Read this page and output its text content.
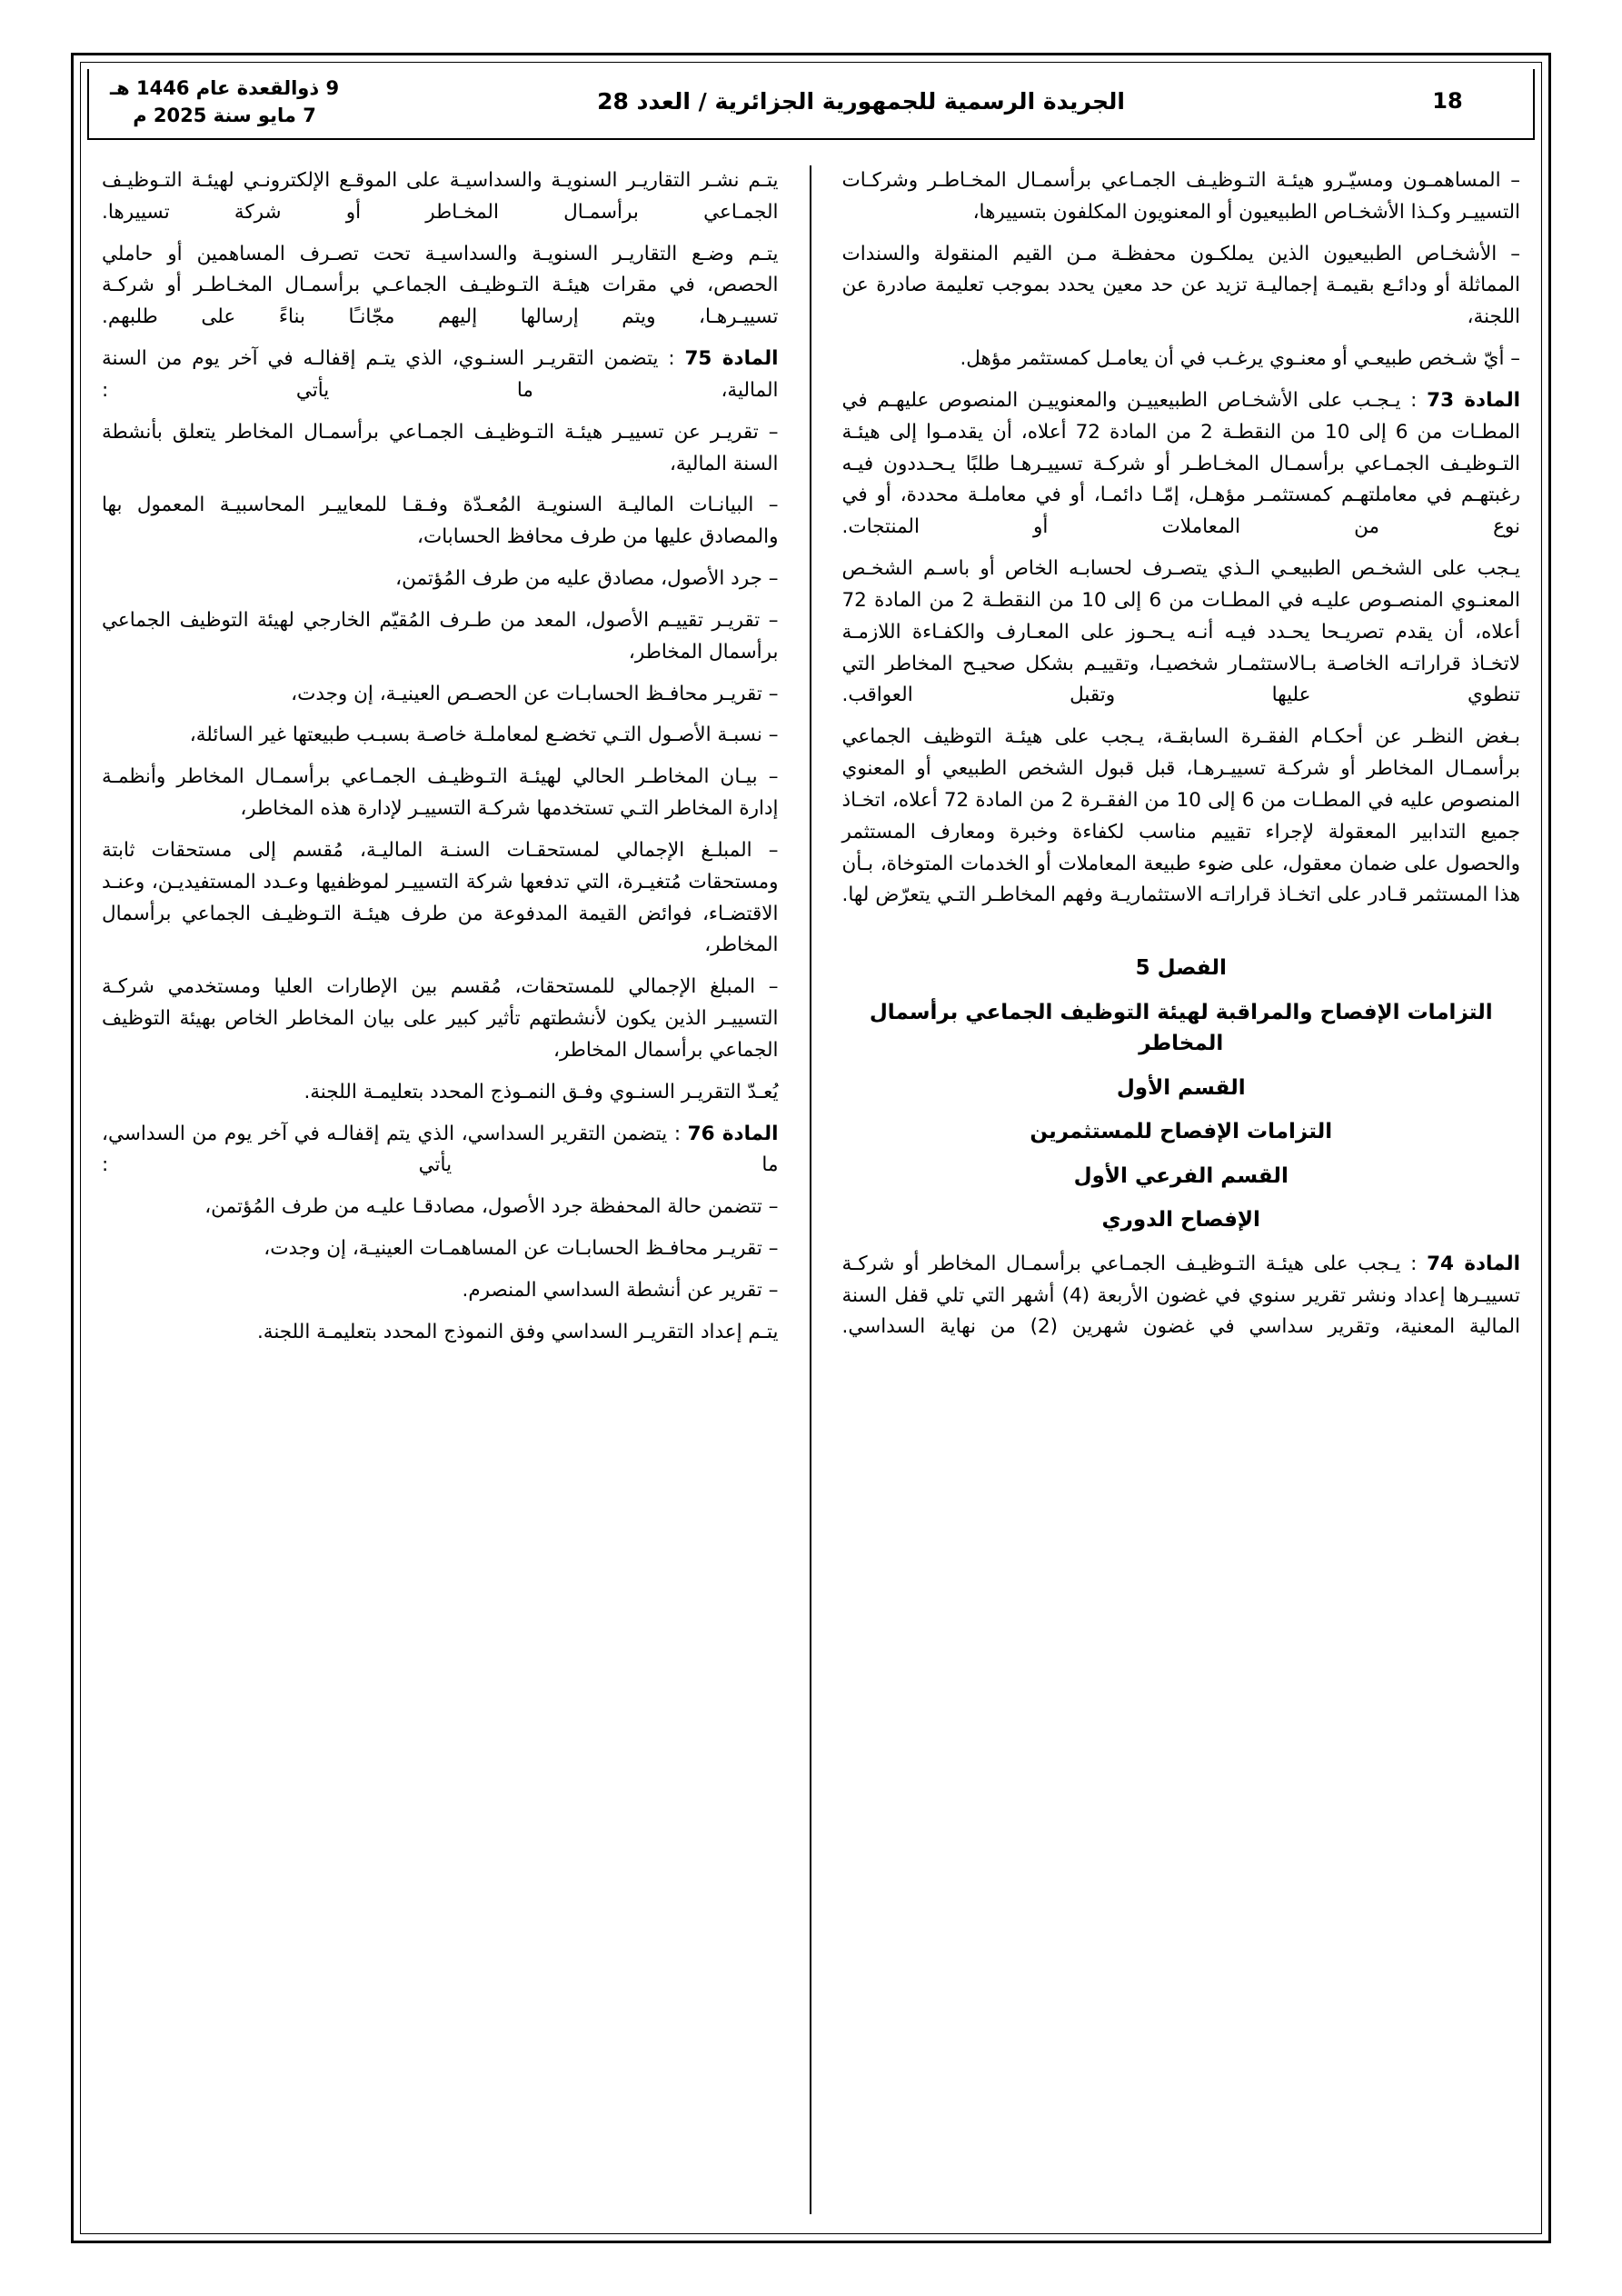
18
الجريدة الرسمية للجمهورية الجزائرية / العدد 28
9 ذوالقعدة عام 1446 هـ
7 مايو سنة 2025 م

– المساهمـون ومسيّـرو هيئـة التـوظيـف الجمـاعي برأسمـال المخـاطـر وشركـات التسييـر وكـذا الأشخـاص الطبيعيون أو المعنويون المكلفون بتسييرها،

– الأشخـاص الطبيعيون الذين يملكـون محفظـة مـن القيم المنقولة والسندات المماثلة أو ودائـع بقيمـة إجماليـة تزيد عن حد معين يحدد بموجب تعليمة صادرة عن اللجنة،

– أيّ شـخص طبيعـي أو معنـوي يرغـب في أن يعامـل كمستثمر مؤهل.

المادة 73 : يـجـب على الأشخـاص الطبيعييـن والمعنوييـن المنصوص عليهـم في المطـات من 6 إلى 10 من النقطـة 2 من المادة 72 أعلاه، أن يقدمـوا إلى هيئـة التـوظيـف الجمـاعي برأسمـال المخـاطـر أو شركـة تسييـرهـا طلبًا يـحـددون فيـه رغبتهـم في معاملتهـم كمستثمـر مؤهـل، إمّـا دائمـا، أو في معاملـة محددة، أو في نوع من المعاملات أو المنتجات.

يـجب على الشخـص الطبيعـي الـذي يتصـرف لحسابـه الخاص أو باسـم الشخـص المعنـوي المنصـوص عليـه في المطـات من 6 إلى 10 من النقطـة 2 من المادة 72 أعلاه، أن يقدم تصريـحا يحـدد فيـه أنـه يـحـوز على المعـارف والكفـاءة اللازمـة لاتخـاذ قراراتـه الخاصـة بـالاستثمـار شخصيـا، وتقييـم بشكل صحيـح المخاطر التي تنطوي عليها وتقبل العواقب.

بـغض النظـر عن أحكـام الفقـرة السابقـة، يـجب على هيئـة التوظيف الجماعي برأسمـال المخاطر أو شركـة تسييـرهـا، قبل قبول الشخص الطبيعي أو المعنوي المنصوص عليه في المطـات من 6 إلى 10 من الفقـرة 2 من المادة 72 أعلاه، اتخـاذ جميع التدابير المعقولة لإجراء تقييم مناسب لكفاءة وخبرة ومعارف المستثمر والحصول على ضمان معقول، على ضوء طبيعة المعاملات أو الخدمات المتوخاة، بـأن هذا المستثمر قـادر على اتخـاذ قراراتـه الاستثماريـة وفهم المخاطـر التـي يتعرّض لها.

الفصل 5

التزامات الإفصاح والمراقبة لهيئة التوظيف الجماعي برأسمال المخاطر

القسم الأول

التزامات الإفصاح للمستثمرين

القسم الفرعي الأول

الإفصاح الدوري

المادة 74 : يـجب على هيئـة التـوظيـف الجمـاعي برأسمـال المخاطر أو شركـة تسييـرها إعداد ونشر تقرير سنوي في غضون الأربعة (4) أشهر التي تلي قفل السنة المالية المعنية، وتقرير سداسي في غضون شهرين (2) من نهاية السداسي.

يتـم نشـر التقاريـر السنويـة والسداسيـة على الموقـع الإلكترونـي لهيئـة التـوظيـف الجمـاعي برأسمـال المخـاطر أو شركة تسييرها.

يتـم وضـع التقاريـر السنويـة والسداسيـة تحت تصـرف المساهمين أو حاملي الحصص، في مقرات هيئـة التـوظيـف الجماعـي برأسمـال المخـاطـر أو شركـة تسييـرهـا، ويتم إرسالها إليهم مجّانـًا بناءً على طلبهم.

المادة 75 : يتضمن التقريـر السنـوي، الذي يتـم إقفالـه في آخر يوم من السنة المالية، ما يأتي :

– تقريـر عن تسييـر هيئـة التـوظيـف الجمـاعي برأسمـال المخاطر يتعلق بأنشطة السنة المالية،

– البيانـات الماليـة السنويـة المُعـدّة وفـقـا للمعاييـر المحاسبيـة المعمول بها والمصادق عليها من طرف محافظ الحسابات،

– جرد الأصول، مصادق عليه من طرف المُؤتمن،

– تقريـر تقييـم الأصول، المعد من طـرف المُقيّم الخارجي لهيئة التوظيف الجماعي برأسمال المخاطر،

– تقريـر محافـظ الحسابـات عن الحصـص العينيـة، إن وجدت،

– نسبـة الأصـول التـي تخضـع لمعاملـة خاصـة بسبـب طبيعتها غير السائلة،

– بيـان المخاطـر الحالي لهيئـة التـوظيـف الجمـاعي برأسمـال المخاطر وأنظمـة إدارة المخاطر التـي تستخدمها شركـة التسييـر لإدارة هذه المخاطر،

– المبلـغ الإجمالي لمستحقـات السنـة الماليـة، مُقسم إلى مستحقات ثابتة ومستحقات مُتغيـرة، التي تدفعها شركة التسييـر لموظفيها وعـدد المستفيديـن، وعنـد الاقتضـاء، فوائض القيمة المدفوعة من طرف هيئـة التـوظيـف الجماعي برأسمال المخاطر،

– المبلغ الإجمالي للمستحقات، مُقسم بين الإطارات العليا ومستخدمي شركـة التسييـر الذين يكون لأنشطتهم تأثير كبير على بيان المخاطر الخاص بهيئة التوظيف الجماعي برأسمال المخاطر،

يُعـدّ التقريـر السنـوي وفـق النمـوذج المحدد بتعليمـة اللجنة.

المادة 76 : يتضمن التقرير السداسي، الذي يتم إقفالـه في آخر يوم من السداسي، ما يأتي :

– تتضمن حالة المحفظة جرد الأصول، مصادقـا عليـه من طرف المُؤتمن،

– تقريـر محافـظ الحسابـات عن المساهمـات العينيـة، إن وجدت،

– تقرير عن أنشطة السداسي المنصرم.

يتـم إعداد التقريـر السداسي وفق النموذج المحدد بتعليمـة اللجنة.
